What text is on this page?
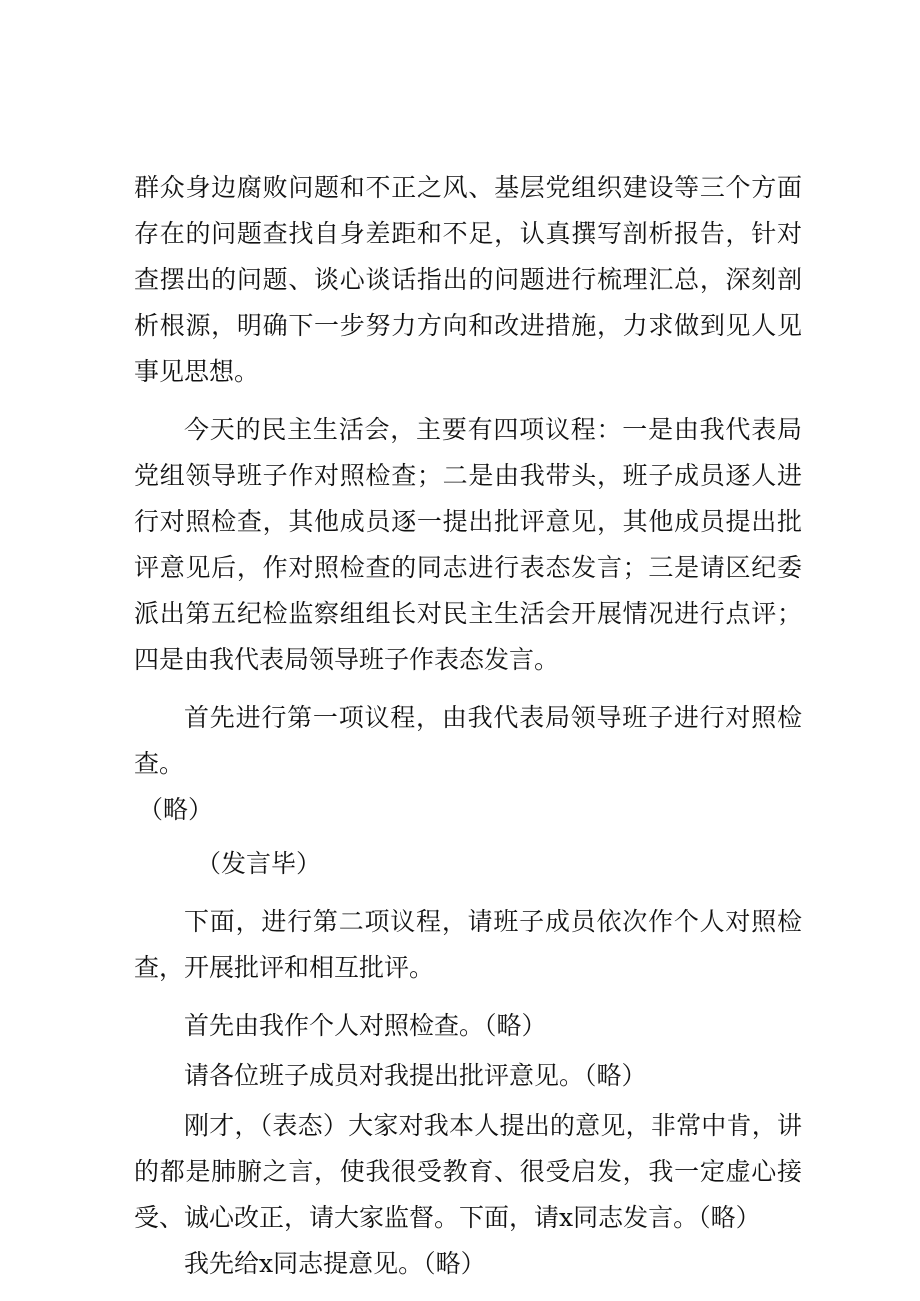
群众身边腐败问题和不正之风、基层党组织建设等三个方面存在的问题查找自身差距和不足，认真撰写剖析报告，针对查摆出的问题、谈心谈话指出的问题进行梳理汇总，深刻剖析根源，明确下一步努力方向和改进措施，力求做到见人见事见思想。

今天的民主生活会，主要有四项议程：一是由我代表局党组领导班子作对照检查；二是由我带头，班子成员逐人进行对照检查，其他成员逐一提出批评意见，其他成员提出批评意见后，作对照检查的同志进行表态发言；三是请区纪委派出第五纪检监察组组长对民主生活会开展情况进行点评；四是由我代表局领导班子作表态发言。

首先进行第一项议程，由我代表局领导班子进行对照检查。

（略）

（发言毕）

下面，进行第二项议程，请班子成员依次作个人对照检查，开展批评和相互批评。

首先由我作个人对照检查。（略）

请各位班子成员对我提出批评意见。（略）

刚才，（表态）大家对我本人提出的意见，非常中肯，讲的都是肺腑之言，使我很受教育、很受启发，我一定虚心接受、诚心改正，请大家监督。下面，请x同志发言。（略）

我先给x同志提意见。（略）
